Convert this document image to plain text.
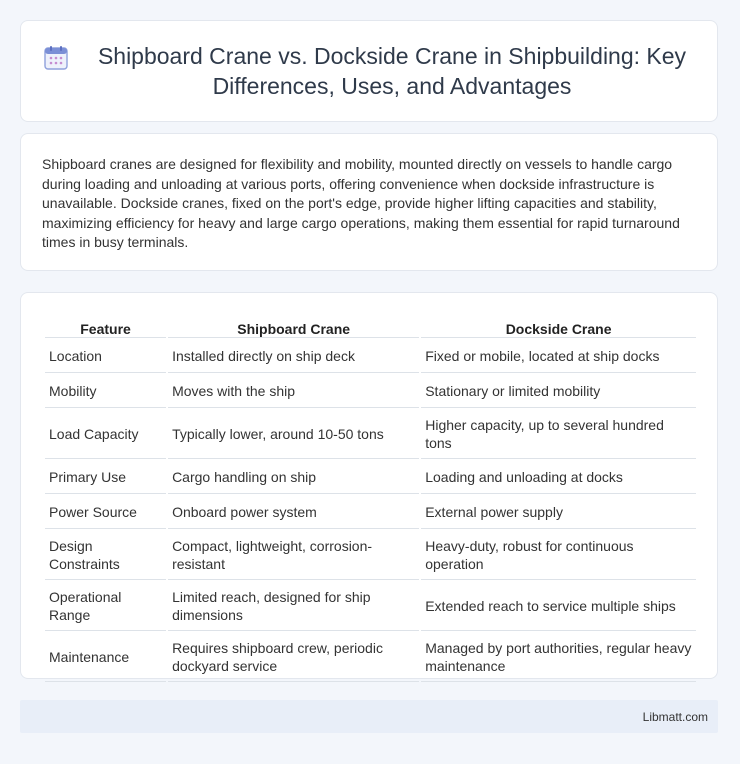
Shipboard Crane vs. Dockside Crane in Shipbuilding: Key Differences, Uses, and Advantages

Shipboard cranes are designed for flexibility and mobility, mounted directly on vessels to handle cargo during loading and unloading at various ports, offering convenience when dockside infrastructure is unavailable. Dockside cranes, fixed on the port's edge, provide higher lifting capacities and stability, maximizing efficiency for heavy and large cargo operations, making them essential for rapid turnaround times in busy terminals.

Feature	Shipboard Crane	Dockside Crane
Location	Installed directly on ship deck	Fixed or mobile, located at ship docks
Mobility	Moves with the ship	Stationary or limited mobility
Load Capacity	Typically lower, around 10-50 tons	Higher capacity, up to several hundred tons
Primary Use	Cargo handling on ship	Loading and unloading at docks
Power Source	Onboard power system	External power supply
Design Constraints	Compact, lightweight, corrosion-resistant	Heavy-duty, robust for continuous operation
Operational Range	Limited reach, designed for ship dimensions	Extended reach to service multiple ships
Maintenance	Requires shipboard crew, periodic dockyard service	Managed by port authorities, regular heavy maintenance
Libmatt.com
